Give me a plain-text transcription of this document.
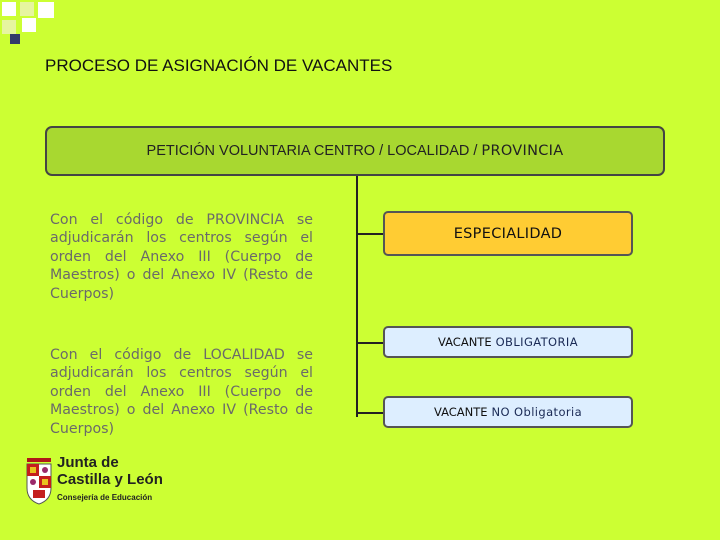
PROCESO DE ASIGNACIÓN DE VACANTES
PETICIÓN VOLUNTARIA CENTRO / LOCALIDAD / PROVINCIA
Con el código de PROVINCIA se adjudicarán los centros según el orden del Anexo III (Cuerpo de Maestros) o del Anexo IV (Resto de Cuerpos)
Con el código de LOCALIDAD se adjudicarán los centros según el orden del Anexo III (Cuerpo de Maestros) o del Anexo IV (Resto de Cuerpos)
ESPECIALIDAD
VACANTE OBLIGATORIA
VACANTE NO Obligatoria
Junta de
Castilla y León
Consejería de Educación
